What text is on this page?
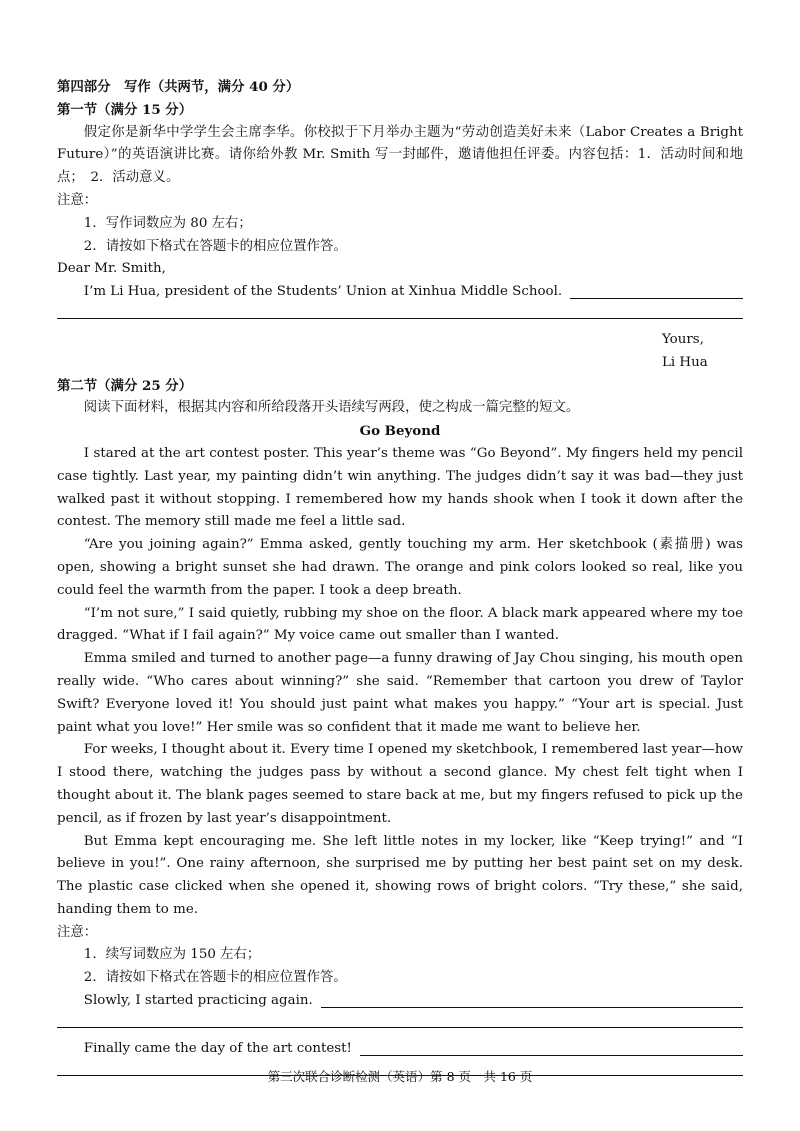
第四部分　写作（共两节，满分 40 分）

第一节（满分 15 分）

假定你是新华中学学生会主席李华。你校拟于下月举办主题为“劳动创造美好未来（Labor Creates a Bright Future）”的英语演讲比赛。请你给外教 Mr. Smith 写一封邮件，邀请他担任评委。内容包括：1．活动时间和地点；　2．活动意义。

注意：

1．写作词数应为 80 左右；

2．请按如下格式在答题卡的相应位置作答。

Dear Mr. Smith,

I’m Li Hua, president of the Students’ Union at Xinhua Middle School.

Yours,

Li Hua

第二节（满分 25 分）

阅读下面材料，根据其内容和所给段落开头语续写两段，使之构成一篇完整的短文。

Go Beyond

I stared at the art contest poster. This year’s theme was “Go Beyond”. My fingers held my pencil case tightly. Last year, my painting didn’t win anything. The judges didn’t say it was bad—they just walked past it without stopping. I remembered how my hands shook when I took it down after the contest. The memory still made me feel a little sad.

“Are you joining again?” Emma asked, gently touching my arm. Her sketchbook (素描册) was open, showing a bright sunset she had drawn. The orange and pink colors looked so real, like you could feel the warmth from the paper. I took a deep breath.

“I’m not sure,” I said quietly, rubbing my shoe on the floor. A black mark appeared where my toe dragged. “What if I fail again?” My voice came out smaller than I wanted.

Emma smiled and turned to another page—a funny drawing of Jay Chou singing, his mouth open really wide. “Who cares about winning?” she said. “Remember that cartoon you drew of Taylor Swift? Everyone loved it! You should just paint what makes you happy.” “Your art is special. Just paint what you love!” Her smile was so confident that it made me want to believe her.

For weeks, I thought about it. Every time I opened my sketchbook, I remembered last year—how I stood there, watching the judges pass by without a second glance. My chest felt tight when I thought about it. The blank pages seemed to stare back at me, but my fingers refused to pick up the pencil, as if frozen by last year’s disappointment.

But Emma kept encouraging me. She left little notes in my locker, like “Keep trying!” and “I believe in you!”. One rainy afternoon, she surprised me by putting her best paint set on my desk. The plastic case clicked when she opened it, showing rows of bright colors. “Try these,” she said, handing them to me.

注意：

1．续写词数应为 150 左右；

2．请按如下格式在答题卡的相应位置作答。

Slowly, I started practicing again.
Finally came the day of the art contest!
第三次联合诊断检测（英语）第 8 页　共 16 页
